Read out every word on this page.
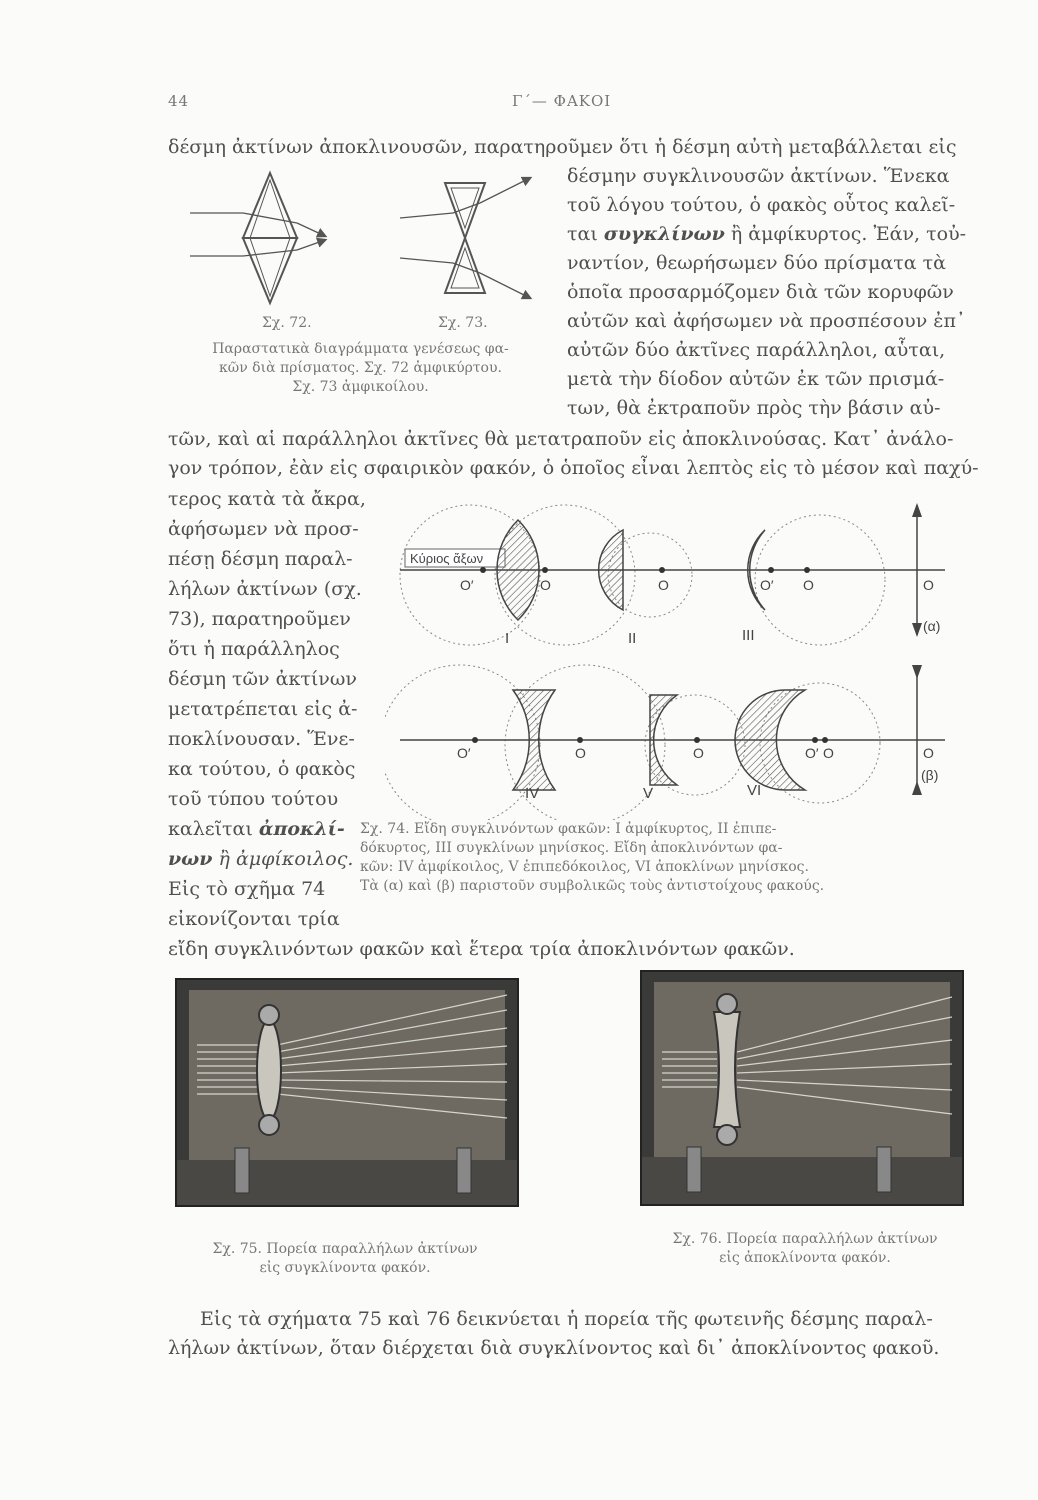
44	Γ΄— ΦΑΚΟΙ
δέσμη ἀκτίνων ἀποκλινουσῶν, παρατηροῦμεν ὅτι ἡ δέσμη αὐτὴ μεταβάλλεται εἰς
Σχ. 72.	Σχ. 73.
Παραστατικὰ διαγράμματα γενέσεως φα-
κῶν διὰ πρίσματος. Σχ. 72 ἀμφικύρτου.
Σχ. 73 ἀμφικοίλου.
δέσμην συγκλινουσῶν ἀκτίνων. Ἕνεκα
τοῦ λόγου τούτου, ὁ φακὸς οὗτος καλεῖ-
ται συγκλίνων ἢ ἀμφίκυρτος. Ἐάν, τοὐ-
ναντίον, θεωρήσωμεν δύο πρίσματα τὰ
ὁποῖα προσαρμόζομεν διὰ τῶν κορυφῶν
αὐτῶν καὶ ἀφήσωμεν νὰ προσπέσουν ἐπ᾽
αὐτῶν δύο ἀκτῖνες παράλληλοι, αὗται,
μετὰ τὴν δίοδον αὐτῶν ἐκ τῶν πρισμά-
των, θὰ ἐκτραποῦν πρὸς τὴν βάσιν αὐ-
τῶν, καὶ αἱ παράλληλοι ἀκτῖνες θὰ μετατραποῦν εἰς ἀποκλινούσας. Κατ᾽ ἀνάλο-
γον τρόπον, ἐὰν εἰς σφαιρικὸν φακόν, ὁ ὁποῖος εἶναι λεπτὸς εἰς τὸ μέσον καὶ παχύ-
τερος κατὰ τὰ ἄκρα,
ἀφήσωμεν νὰ προσ-
πέσῃ δέσμη παραλ-
λήλων ἀκτίνων (σχ.
73), παρατηροῦμεν
ὅτι ἡ παράλληλος
δέσμη τῶν ἀκτίνων
μετατρέπεται εἰς ἀ-
ποκλίνουσαν. Ἕνε-
κα τούτου, ὁ φακὸς
τοῦ τύπου τούτου
καλεῖται ἀποκλί-
νων ἢ ἀμφίκοιλος.
Εἰς τὸ σχῆμα 74
εἰκονίζονται τρία
Κύριος ἄξων
O′	O
I
O
II
O′ O
III
O
(α)
O′	O
IV
O
V
O′ O
VI
O
(β)
Σχ. 74. Εἴδη συγκλινόντων φακῶν: I ἀμφίκυρτος, II ἐπιπε-
δόκυρτος, III συγκλίνων μηνίσκος. Εἴδη ἀποκλινόντων φα-
κῶν: IV ἀμφίκοιλος, V ἐπιπεδόκοιλος, VI ἀποκλίνων μηνίσκος.
Τὰ (α) καὶ (β) παριστοῦν συμβολικῶς τοὺς ἀντιστοίχους φακούς.
εἴδη συγκλινόντων φακῶν καὶ ἕτερα τρία ἀποκλινόντων φακῶν.
Σχ. 75. Πορεία παραλλήλων ἀκτίνων
εἰς συγκλίνοντα φακόν.
Σχ. 76. Πορεία παραλλήλων ἀκτίνων
εἰς ἀποκλίνοντα φακόν.
Εἰς τὰ σχήματα 75 καὶ 76 δεικνύεται ἡ πορεία τῆς φωτεινῆς δέσμης παραλ-
λήλων ἀκτίνων, ὅταν διέρχεται διὰ συγκλίνοντος καὶ δι᾽ ἀποκλίνοντος φακοῦ.
